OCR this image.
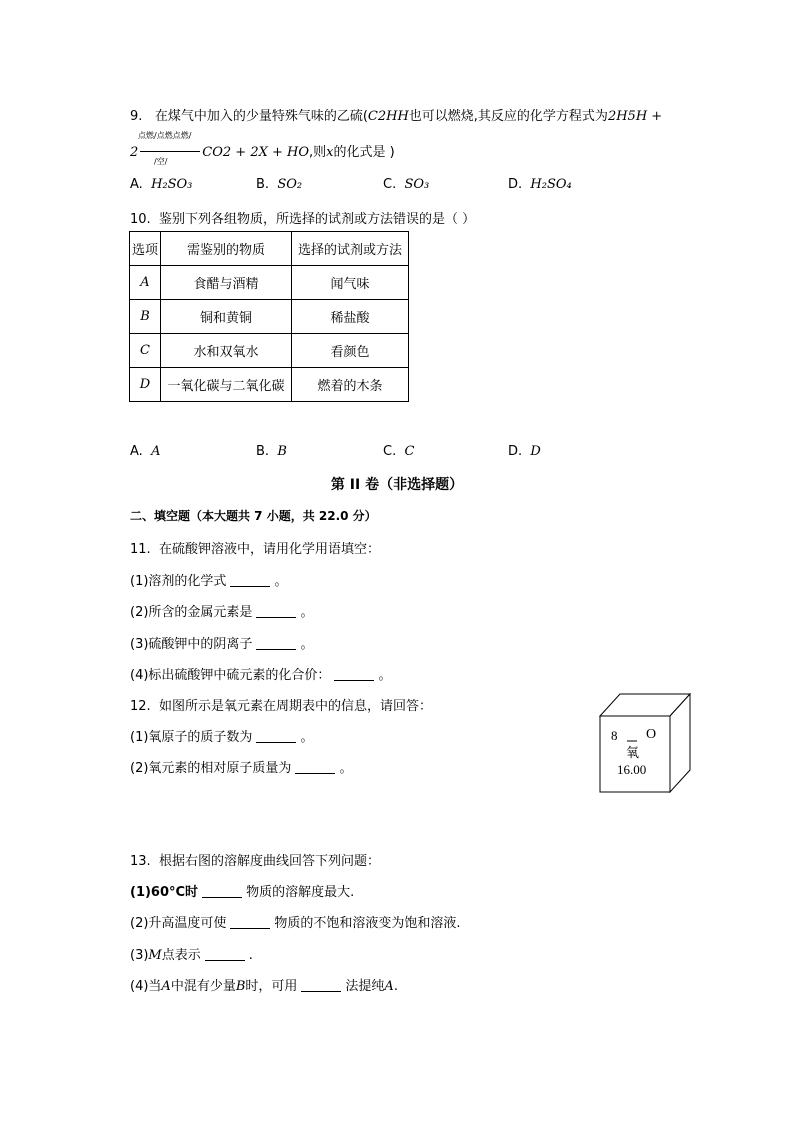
9. 在煤气中加入的少量特殊气味的乙硫(C2HH也可以燃烧,其反应的化学方程式为2H5H +
点燃/点燃点燃/
2	CO2 + 2X + HO,则x的化式是 )
/空/
A. H₂SO₃	B. SO₂	C. SO₃	D. H₂SO₄
10. 鉴别下列各组物质，所选择的试剂或方法错误的是（ ）
选项	需鉴别的物质	选择的试剂或方法
A	食醋与酒精	闻气味
B	铜和黄铜	稀盐酸
C	水和双氧水	看颜色
D	一氧化碳与二氧化碳	燃着的木条
A. A	B. B	C. C	D. D
第 II 卷（非选择题）
二、填空题（本大题共 7 小题，共 22.0 分）
11. 在硫酸钾溶液中，请用化学用语填空：
(1)溶剂的化学式	。
(2)所含的金属元素是	。
(3)硫酸钾中的阴离子	。
(4)标出硫酸钾中硫元素的化合价：	。
12. 如图所示是氧元素在周期表中的信息，请回答：
(1)氧原子的质子数为	。
(2)氧元素的相对原子质量为	。
8 O
氧
16.00
13. 根据右图的溶解度曲线回答下列问题：
(1)60°C时	物质的溶解度最大.
(2)升高温度可使	物质的不饱和溶液变为饱和溶液.
(3)M点表示	.
(4)当A中混有少量B时，可用	法提纯A.
